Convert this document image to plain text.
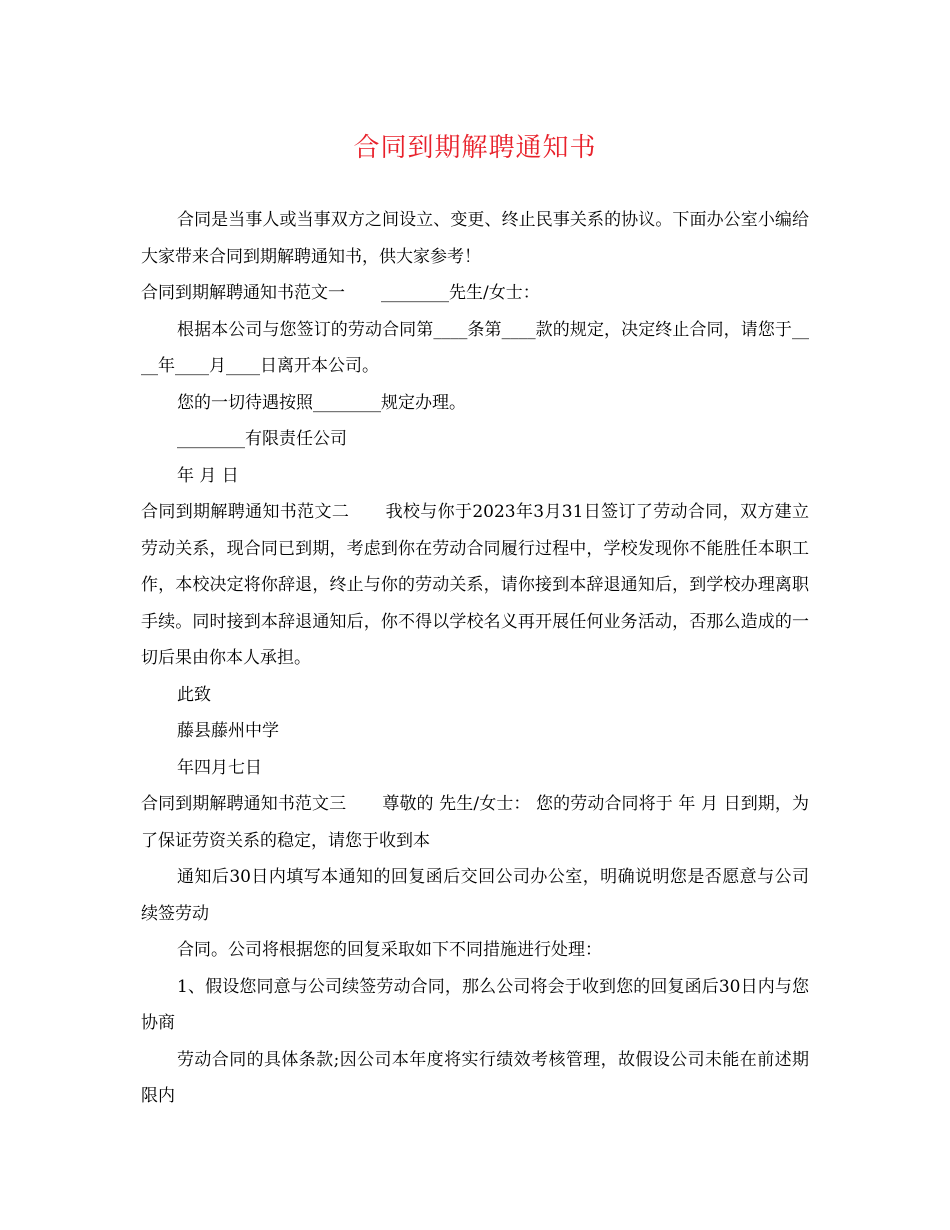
合同到期解聘通知书

合同是当事人或当事双方之间设立、变更、终止民事关系的协议。下面办公室小编给大家带来合同到期解聘通知书，供大家参考！

合同到期解聘通知书范文一 ________先生/女士：

根据本公司与您签订的劳动合同第____条第____款的规定，决定终止合同，请您于____年____月____日离开本公司。

您的一切待遇按照________规定办理。

________有限责任公司

年 月 日

合同到期解聘通知书范文二 我校与你于2023年3月31日签订了劳动合同，双方建立劳动关系，现合同已到期，考虑到你在劳动合同履行过程中，学校发现你不能胜任本职工作，本校决定将你辞退，终止与你的劳动关系，请你接到本辞退通知后，到学校办理离职手续。同时接到本辞退通知后，你不得以学校名义再开展任何业务活动，否那么造成的一切后果由你本人承担。

此致

藤县藤州中学

年四月七日

合同到期解聘通知书范文三 尊敬的 先生/女士： 您的劳动合同将于 年 月 日到期，为了保证劳资关系的稳定，请您于收到本

通知后30日内填写本通知的回复函后交回公司办公室，明确说明您是否愿意与公司续签劳动

合同。公司将根据您的回复采取如下不同措施进行处理：

1、假设您同意与公司续签劳动合同，那么公司将会于收到您的回复函后30日内与您协商

劳动合同的具体条款;因公司本年度将实行绩效考核管理，故假设公司未能在前述期限内
